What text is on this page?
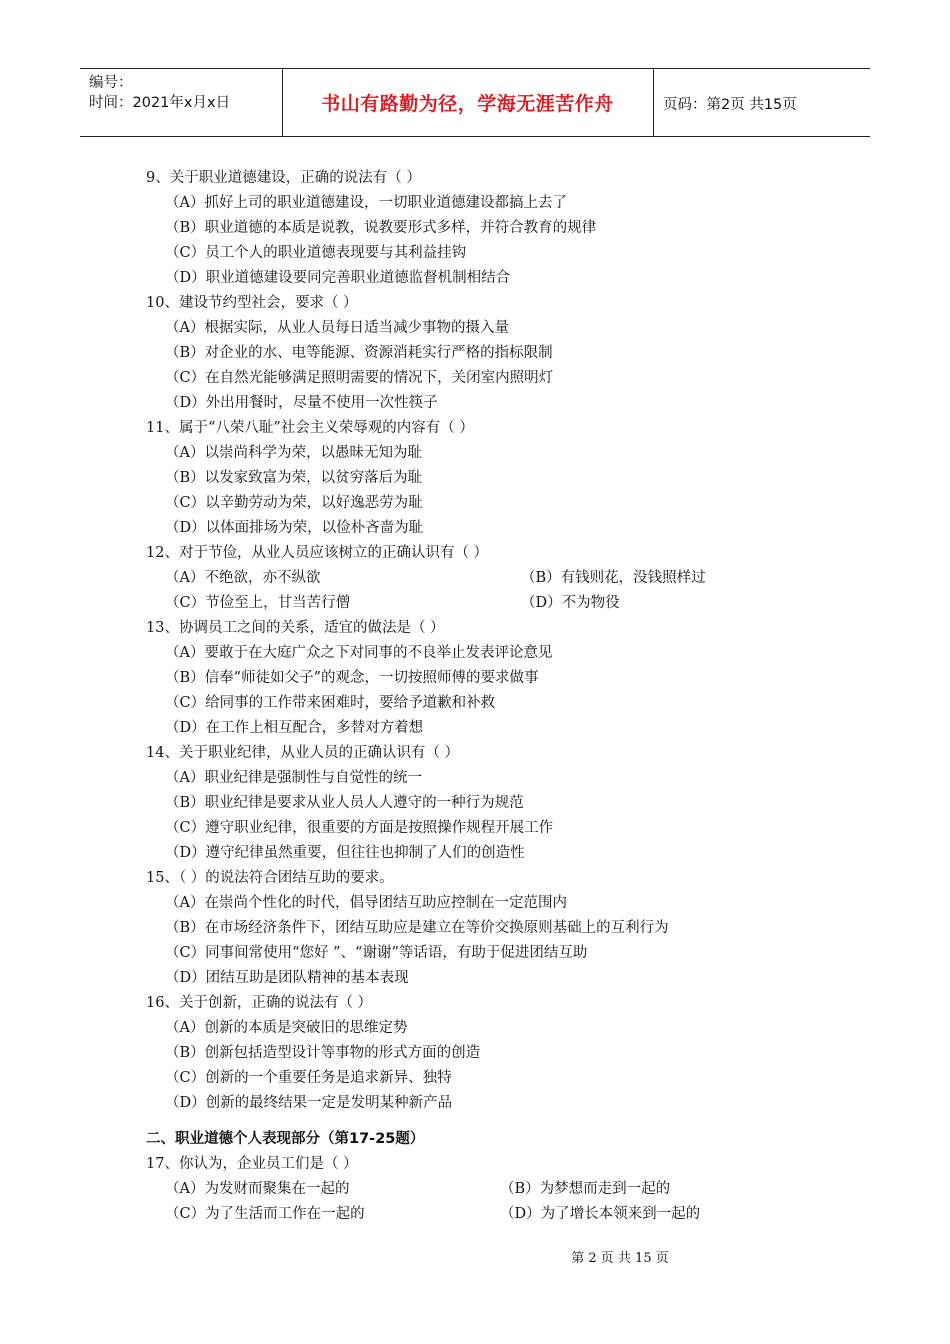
编号：
时间：2021年x月x日	书山有路勤为径，学海无涯苦作舟	页码：第2页 共15页
9、关于职业道德建设，正确的说法有（ ）
（A）抓好上司的职业道德建设，一切职业道德建设都搞上去了
（B）职业道德的本质是说教，说教要形式多样，并符合教育的规律
（C）员工个人的职业道德表现要与其利益挂钩
（D）职业道德建设要同完善职业道德监督机制相结合
10、建设节约型社会，要求（ ）
（A）根据实际，从业人员每日适当减少事物的摄入量
（B）对企业的水、电等能源、资源消耗实行严格的指标限制
（C）在自然光能够满足照明需要的情况下，关闭室内照明灯
（D）外出用餐时，尽量不使用一次性筷子
11、属于“八荣八耻”社会主义荣辱观的内容有（ ）
（A）以崇尚科学为荣，以愚昧无知为耻
（B）以发家致富为荣，以贫穷落后为耻
（C）以辛勤劳动为荣，以好逸恶劳为耻
（D）以体面排场为荣，以俭朴吝啬为耻
12、对于节俭，从业人员应该树立的正确认识有（ ）
（A）不绝欲，亦不纵欲	（B）有钱则花，没钱照样过
（C）节俭至上，甘当苦行僧	（D）不为物役
13、协调员工之间的关系，适宜的做法是（ ）
（A）要敢于在大庭广众之下对同事的不良举止发表评论意见
（B）信奉“师徒如父子”的观念，一切按照师傅的要求做事
（C）给同事的工作带来困难时，要给予道歉和补救
（D）在工作上相互配合，多替对方着想
14、关于职业纪律，从业人员的正确认识有（ ）
（A）职业纪律是强制性与自觉性的统一
（B）职业纪律是要求从业人员人人遵守的一种行为规范
（C）遵守职业纪律，很重要的方面是按照操作规程开展工作
（D）遵守纪律虽然重要，但往往也抑制了人们的创造性
15、（ ）的说法符合团结互助的要求。
（A）在崇尚个性化的时代，倡导团结互助应控制在一定范围内
（B）在市场经济条件下，团结互助应是建立在等价交换原则基础上的互利行为
（C）同事间常使用“您好 ”、“谢谢”等话语，有助于促进团结互助
（D）团结互助是团队精神的基本表现
16、关于创新，正确的说法有（ ）
（A）创新的本质是突破旧的思维定势
（B）创新包括造型设计等事物的形式方面的创造
（C）创新的一个重要任务是追求新异、独特
（D）创新的最终结果一定是发明某种新产品
二、职业道德个人表现部分（第17-25题）
17、你认为，企业员工们是（ ）
（A）为发财而聚集在一起的	（B）为梦想而走到一起的
（C）为了生活而工作在一起的	（D）为了增长本领来到一起的
第 2 页 共 15 页
